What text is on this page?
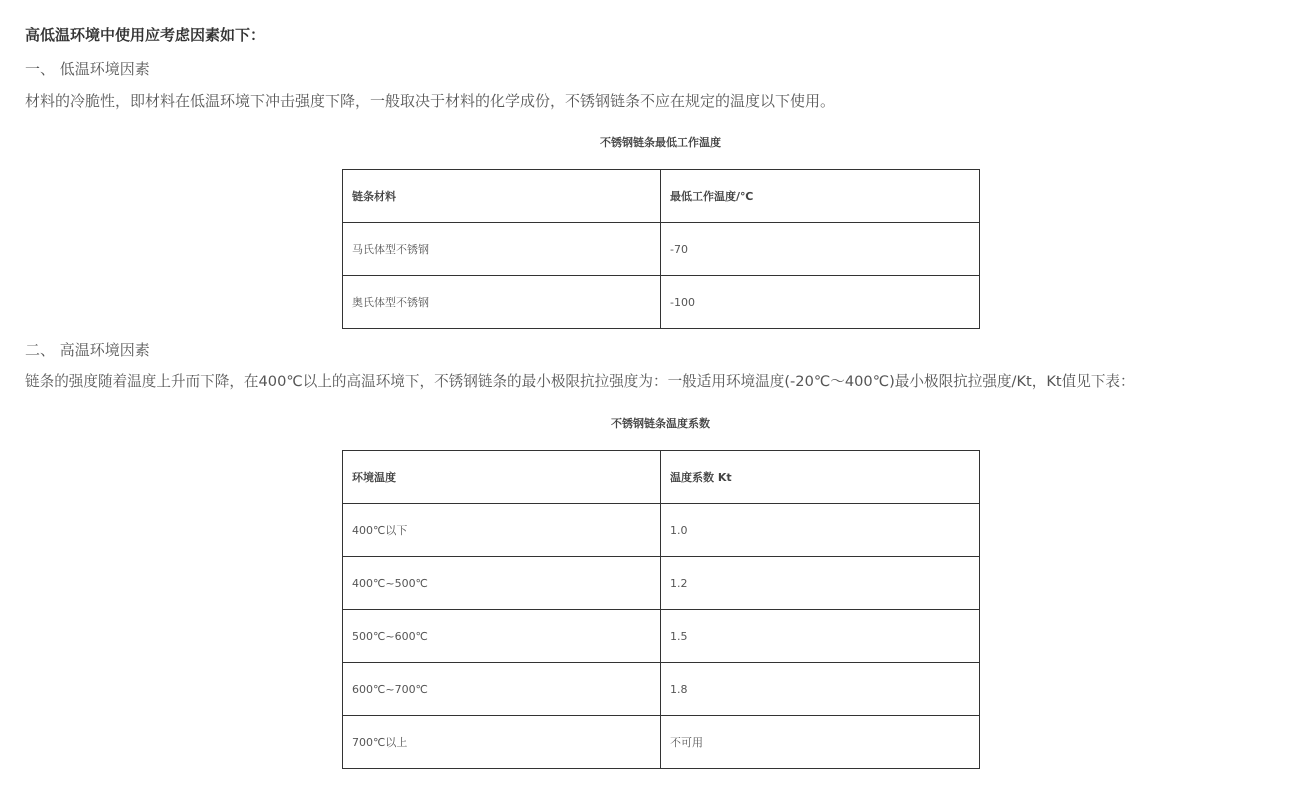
高低温环境中使用应考虑因素如下：
一、 低温环境因素
材料的冷脆性，即材料在低温环境下冲击强度下降，一般取决于材料的化学成份，不锈钢链条不应在规定的温度以下使用。
不锈钢链条最低工作温度
链条材料	最低工作温度/℃
马氏体型不锈钢	-70
奥氏体型不锈钢	-100
二、 高温环境因素
链条的强度随着温度上升而下降，在400℃以上的高温环境下，不锈钢链条的最小极限抗拉强度为：一般适用环境温度(-20℃～400℃)最小极限抗拉强度/Kt，Kt值见下表：
不锈钢链条温度系数
环境温度	温度系数 Kt
400℃以下	1.0
400℃~500℃	1.2
500℃~600℃	1.5
600℃~700℃	1.8
700℃以上	不可用
